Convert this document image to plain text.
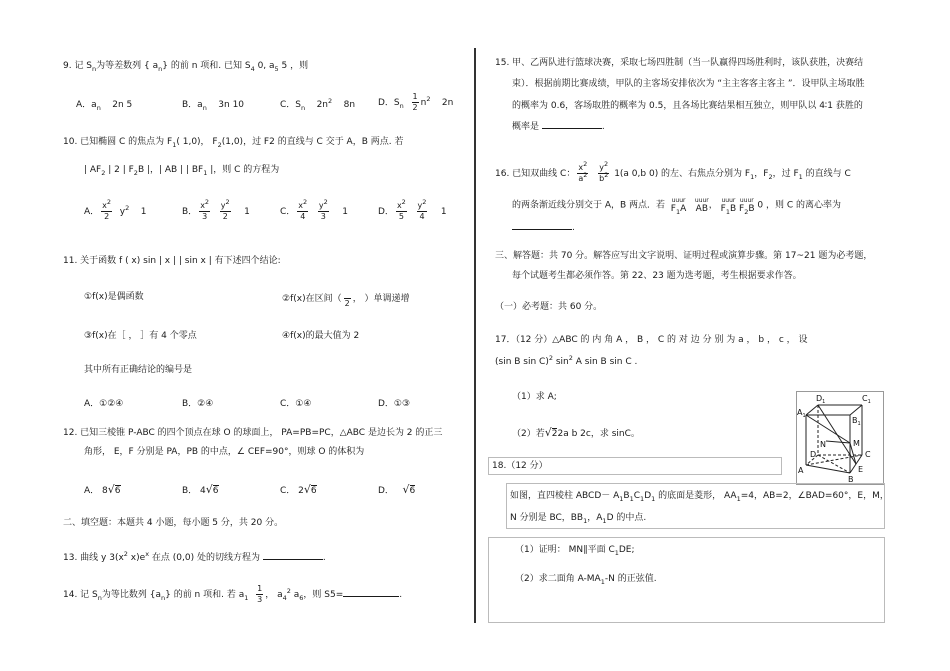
9. 记 $S_n$为等差数列 { $a_n$} 的前 n 项和. 已知 $S_4$ 0, $a_5$ 5 ，则
A．$a_n$ 2n 5	B．$a_n$ 3n 10	C．$S_n$ $2n^2$ 8n	D．$S_n \frac{1}{2} n^2$ 2n
10. 已知椭圆 C 的焦点为 $F_1$( 1,0)， $F_2(1,0)$，过 F2 的直线与 C 交于 A，B 两点. 若
| $AF_2$ | 2 | $F_2B$ |，| AB | | $BF_1$ |，则 C 的方程为
A． $\frac{x^2}{2} y^2$ 1	B． $\frac{x^2}{3}$
$\frac{y^2}{2} 1$	C． $\frac{x^2}{4}$
$\frac{y^2}{3} 1$	D． $\frac{x^2}{5}$
$\frac{y^2}{4} 1$
11. 关于函数 f ( x) sin | x | | sin x | 有下述四个结论:
①f(x)是偶函数	②f(x)在区间（
2 ， ）单调递增
③f(x)在［ ， ］有 4 个零点	④f(x)的最大值为 2
其中所有正确结论的编号是
A．①②④	B．②④	C．①④	D．①③
12. 已知三棱锥 P-ABC 的四个顶点在球 O 的球面上， PA=PB=PC，△ABC 是边长为 2 的正三
角形， E，F 分别是 PA，PB 的中点，∠ CEF=90°，则球 O 的体积为
A． 8√6	B． 4√6	C． 2√6	D． √6
二、填空题：本题共 4 小题，每小题 5 分，共 20 分。
13. 曲线 y $3(x^2$ $x)e^x$ 在点 (0,0) 处的切线方程为	.
14. 记 $S_n$为等比数列 $\{a_n\}$ 的前 n 项和. 若 $a_1 \frac{1}{3}$ ， $a_4^2$ $a_6$，则 S5=	.
15. 甲、乙两队进行篮球决赛，采取七场四胜制（当一队赢得四场胜利时，该队获胜，决赛结
束）．根据前期比赛成绩，甲队的主客场安排依次为 “主主客客主客主 ”．设甲队主场取胜
的概率为 0.6，客场取胜的概率为 0.5，且各场比赛结果相互独立，则甲队以 4∶1 获胜的
概率是	.
16. 已知双曲线 C： $\frac{x^2}{a^2}$
$\frac{y^2}{b^2} 1(a$ 0,b 0) 的左、右焦点分别为 $F_1$，$F_2$，过 $F_1$ 的直线与 C
的两条渐近线分别交于 A，B 两点．若 uuur
$F_1A$
uuur
AB， uuur
$F_1B$
uuur
$F_2B$ 0 ，则 C 的离心率为
.
三、解答题：共 70 分。解答应写出文字说明、证明过程或演算步骤。第 17~21 题为必考题，
每个试题考生都必须作答。第 22、23 题为选考题，考生根据要求作答。
（一）必考题：共 60 分。
17．（12 分）△ABC 的 内 角 A ， B ， C 的 对 边 分 别 为 a ， b ， c ， 设
(sin B sin C)$^2$ $\sin^2 A$ sin B sin C .
（1）求 A;
（2）若√22a b 2c，求 sinC。
$D_1$	$C_1$
$A_1$	$B_1$
D	C
A
B
M
N
E
18.（12 分）
如图，直四棱柱 ABCD－ $A_1B_1C_1D_1$ 的底面是菱形， $AA_1=4$，AB=2，∠BAD=60°，E，M，
N 分别是 BC，$BB_1$，$A_1D$ 的中点.
（1）证明： MN∥平面 $C_1DE$;
（2）求二面角 $A-MA_1-N$ 的正弦值.
